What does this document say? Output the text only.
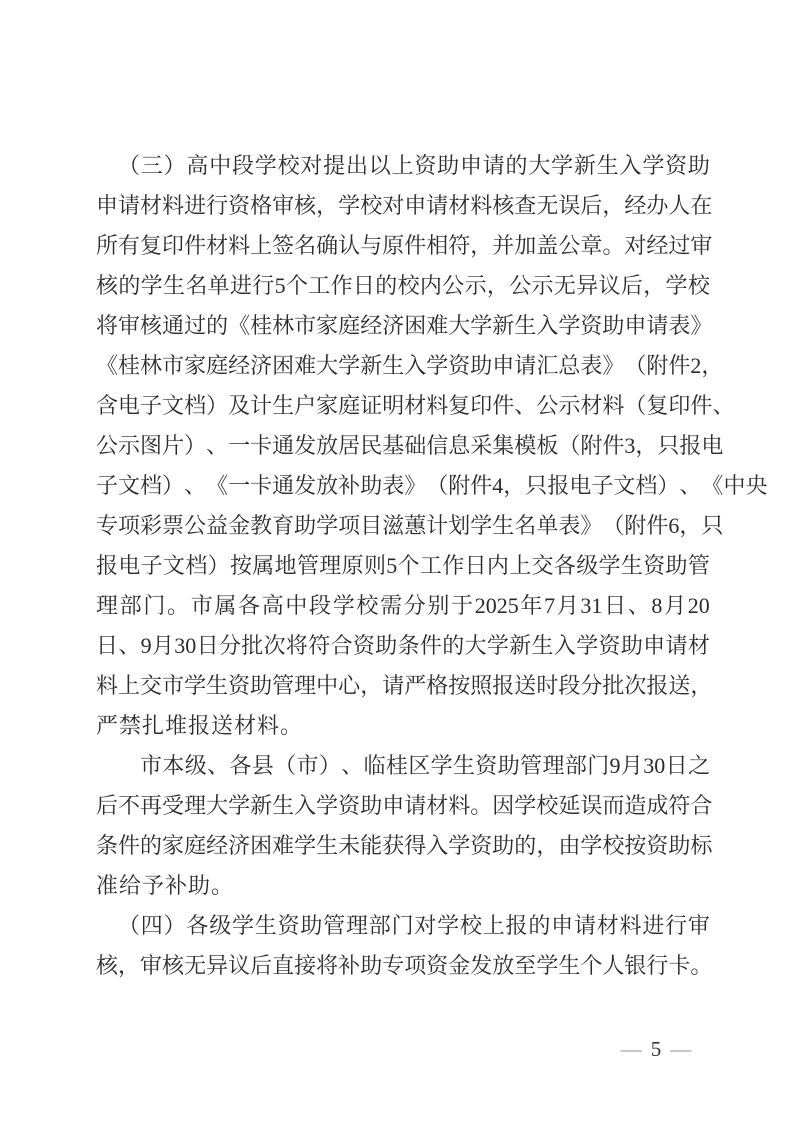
（ 三 ） 高 中 段 学 校 对 提 出 以 上 资 助 申 请 的 大 学 新 生 入 学 资 助
申 请 材 料 进 行 资 格 审 核 ， 学 校 对 申 请 材 料 核 查 无 误 后 ， 经 办 人 在
所 有 复 印 件 材 料 上 签 名 确 认 与 原 件 相 符 ， 并 加 盖 公 章 。 对 经 过 审
核 的 学 生 名 单 进 行 5 个 工 作 日 的 校 内 公 示 ， 公 示 无 异 议 后 ， 学 校
将 审 核 通 过 的 《 桂 林 市 家 庭 经 济 困 难 大 学 新 生 入 学 资 助 申 请 表 》
《 桂 林 市 家 庭 经 济 困 难 大 学 新 生 入 学 资 助 申 请 汇 总 表 》 （ 附 件 2 ，
含 电 子 文 档 ） 及 计 生 户 家 庭 证 明 材 料 复 印 件 、 公 示 材 料 （ 复 印 件 、
公 示 图 片 ） 、 一 卡 通 发 放 居 民 基 础 信 息 采 集 模 板 （ 附 件 3 ， 只 报 电
子 文 档 ） 、 《 一 卡 通 发 放 补 助 表 》 （ 附 件 4 ， 只 报 电 子 文 档 ） 、 《 中 央
专 项 彩 票 公 益 金 教 育 助 学 项 目 滋 蕙 计 划 学 生 名 单 表 》 （ 附 件 6 ， 只
报 电 子 文 档 ） 按 属 地 管 理 原 则 5 个 工 作 日 内 上 交 各 级 学 生 资 助 管
理 部 门 。 市 属 各 高 中 段 学 校 需 分 别 于 2025 年 7 月 31 日 、 8 月 20
日 、 9 月 30 日 分 批 次 将 符 合 资 助 条 件 的 大 学 新 生 入 学 资 助 申 请 材
料 上 交 市 学 生 资 助 管 理 中 心 ， 请 严 格 按 照 报 送 时 段 分 批 次 报 送 ，
严禁扎堆报送材料。
市 本 级 、 各 县 （ 市 ） 、 临 桂 区 学 生 资 助 管 理 部 门 9 月 30 日 之
后 不 再 受 理 大 学 新 生 入 学 资 助 申 请 材 料 。 因 学 校 延 误 而 造 成 符 合
条 件 的 家 庭 经 济 困 难 学 生 未 能 获 得 入 学 资 助 的 ， 由 学 校 按 资 助 标
准给予补助。
（ 四 ） 各 级 学 生 资 助 管 理 部 门 对 学 校 上 报 的 申 请 材 料 进 行 审
核 ， 审 核 无 异 议 后 直 接 将 补 助 专 项 资 金 发 放 至 学 生 个 人 银 行 卡 。
— 5 —
